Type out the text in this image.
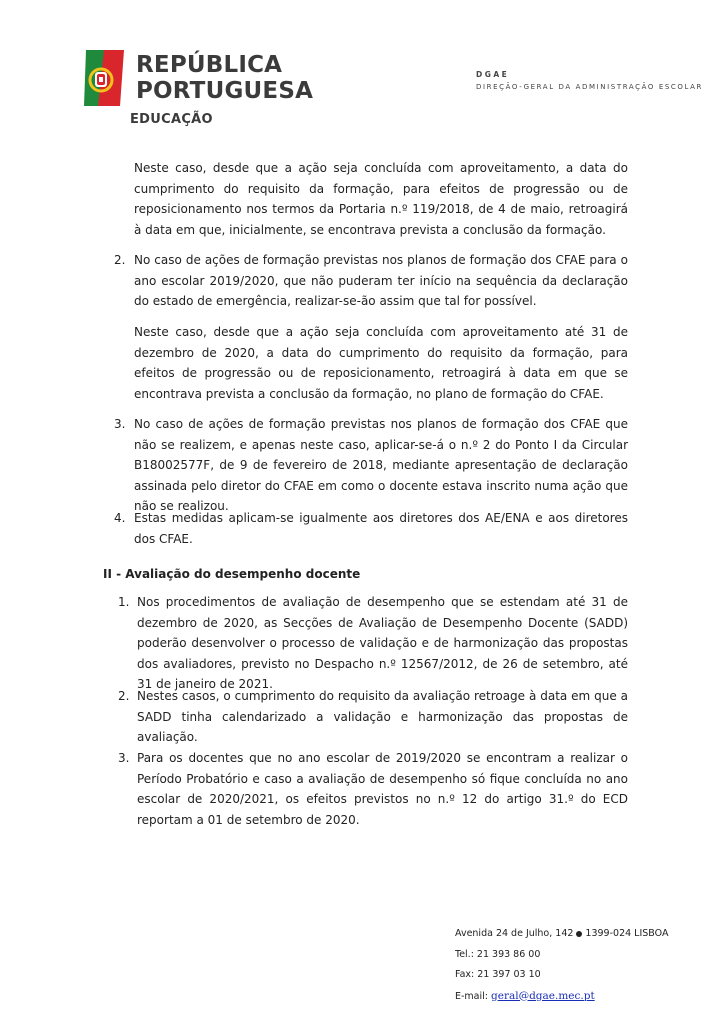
REPÚBLICA
PORTUGUESA
EDUCAÇÃO
DGAE
DIREÇÃO-GERAL DA ADMINISTRAÇÃO ESCOLAR

Neste caso, desde que a ação seja concluída com aproveitamento, a data do cumprimento do requisito da formação, para efeitos de progressão ou de reposicionamento nos termos da Portaria n.º 119/2018, de 4 de maio, retroagirá à data em que, inicialmente, se encontrava prevista a conclusão da formação.

2. No caso de ações de formação previstas nos planos de formação dos CFAE para o ano escolar 2019/2020, que não puderam ter início na sequência da declaração do estado de emergência, realizar-se-ão assim que tal for possível.

Neste caso, desde que a ação seja concluída com aproveitamento até 31 de dezembro de 2020, a data do cumprimento do requisito da formação, para efeitos de progressão ou de reposicionamento, retroagirá à data em que se encontrava prevista a conclusão da formação, no plano de formação do CFAE.

3. No caso de ações de formação previstas nos planos de formação dos CFAE que não se realizem, e apenas neste caso, aplicar-se-á o n.º 2 do Ponto I da Circular B18002577F, de 9 de fevereiro de 2018, mediante apresentação de declaração assinada pelo diretor do CFAE em como o docente estava inscrito numa ação que não se realizou.

4. Estas medidas aplicam-se igualmente aos diretores dos AE/ENA e aos diretores dos CFAE.

II - Avaliação do desempenho docente
1. Nos procedimentos de avaliação de desempenho que se estendam até 31 de dezembro de 2020, as Secções de Avaliação de Desempenho Docente (SADD) poderão desenvolver o processo de validação e de harmonização das propostas dos avaliadores, previsto no Despacho n.º 12567/2012, de 26 de setembro, até 31 de janeiro de 2021.

2. Nestes casos, o cumprimento do requisito da avaliação retroage à data em que a SADD tinha calendarizado a validação e harmonização das propostas de avaliação.

3. Para os docentes que no ano escolar de 2019/2020 se encontram a realizar o Período Probatório e caso a avaliação de desempenho só fique concluída no ano escolar de 2020/2021, os efeitos previstos no n.º 12 do artigo 31.º do ECD reportam a 01 de setembro de 2020.

Avenida 24 de Julho, 142 1399-024 LISBOA
Tel.: 21 393 86 00
Fax: 21 397 03 10
E-mail: geral@dgae.mec.pt
